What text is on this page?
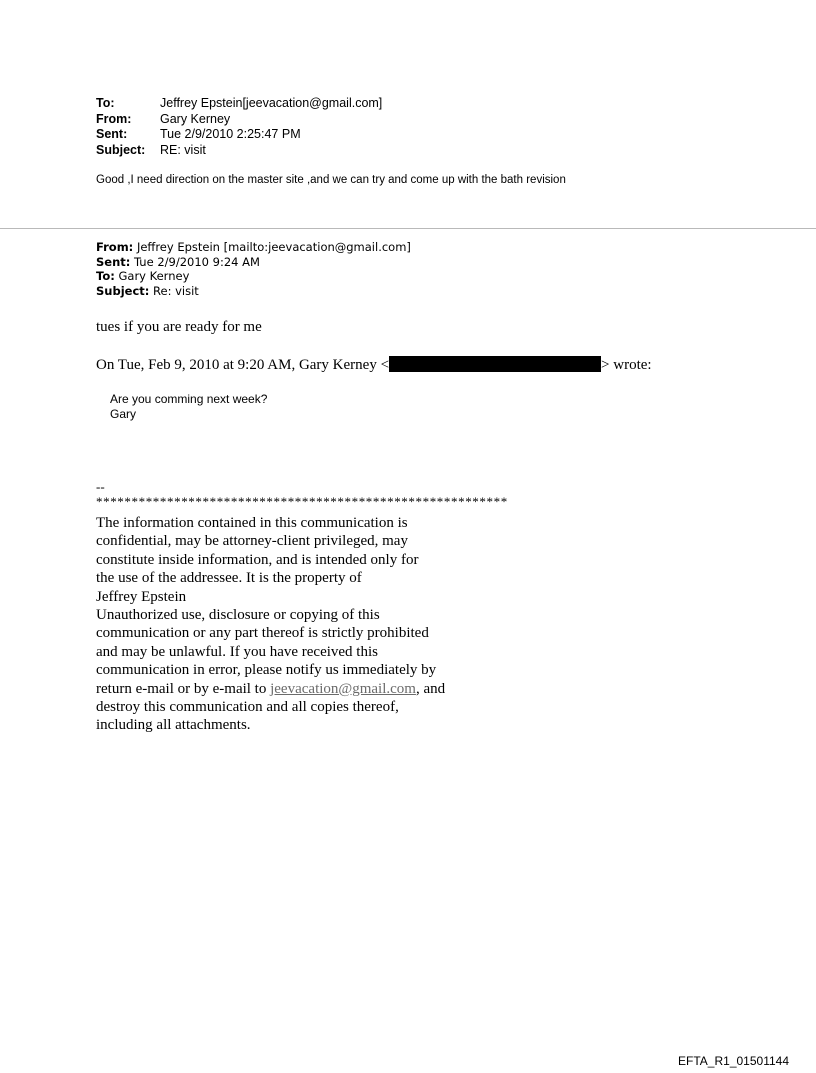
To:	Jeffrey Epstein[jeevacation@gmail.com]
From:	Gary Kerney
Sent:	Tue 2/9/2010 2:25:47 PM
Subject:	RE: visit
Good ,I need direction on the master site ,and we can try and come up with the bath revision
From: Jeffrey Epstein [mailto:jeevacation@gmail.com]
Sent: Tue 2/9/2010 9:24 AM
To: Gary Kerney
Subject: Re: visit
tues if you are ready for me
On Tue, Feb 9, 2010 at 9:20 AM, Gary Kerney <	> wrote:
Are you comming next week?
Gary
--
**********************************************************
The information contained in this communication is
confidential, may be attorney-client privileged, may
constitute inside information, and is intended only for
the use of the addressee. It is the property of
Jeffrey Epstein
Unauthorized use, disclosure or copying of this
communication or any part thereof is strictly prohibited
and may be unlawful. If you have received this
communication in error, please notify us immediately by
return e-mail or by e-mail to jeevacation@gmail.com, and
destroy this communication and all copies thereof,
including all attachments.
EFTA_R1_01501144
